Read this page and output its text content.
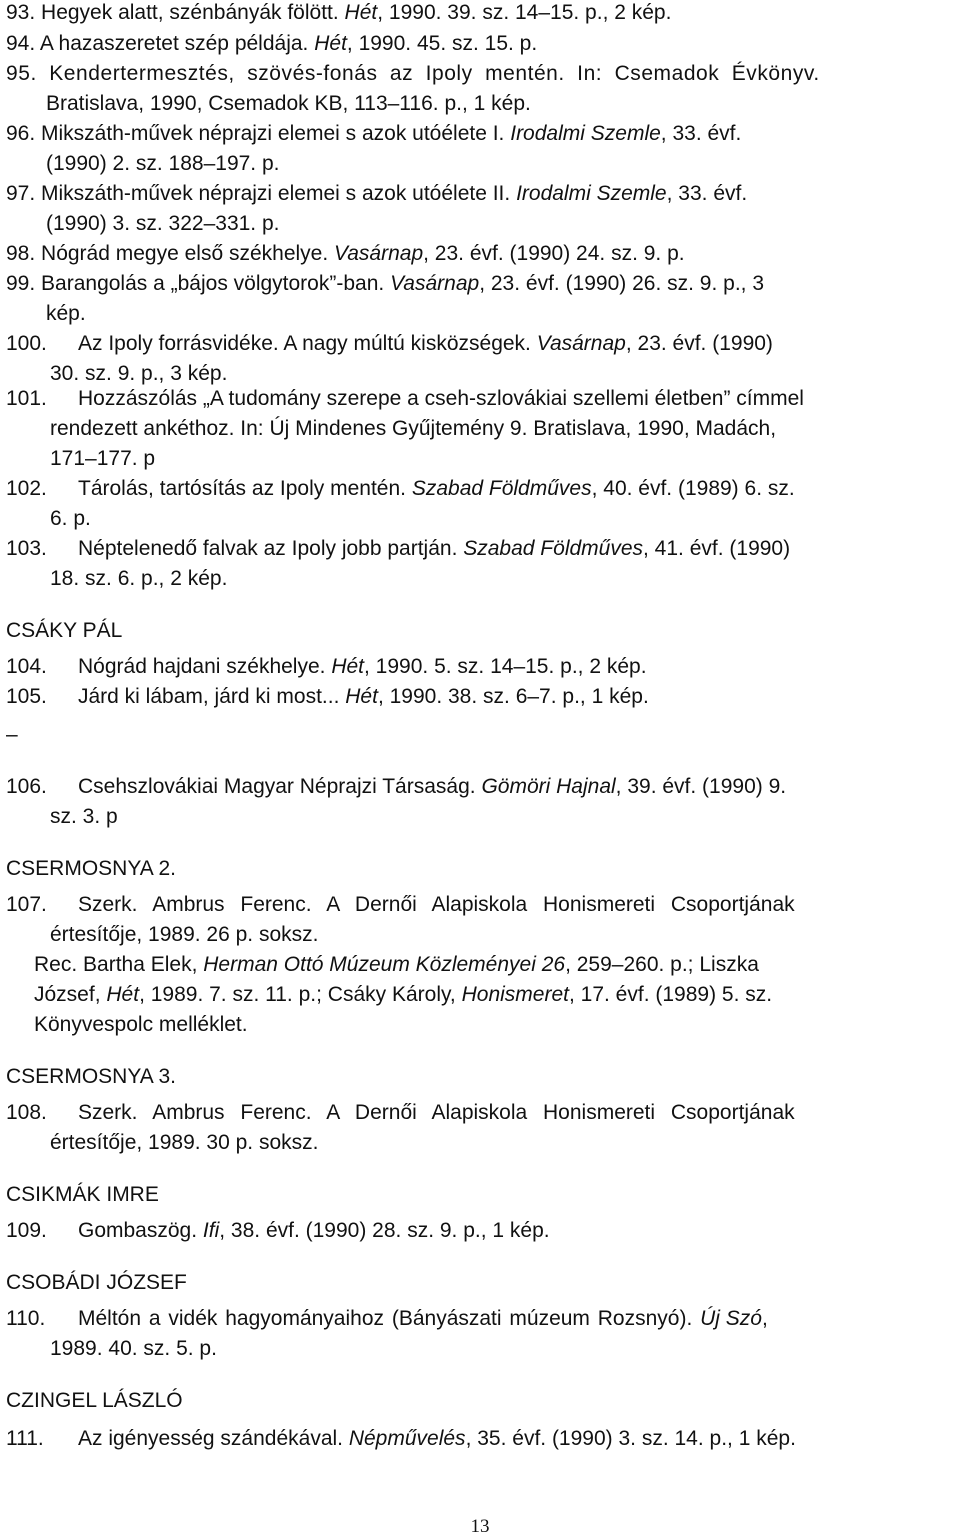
93. Hegyek alatt, szénbányák fölött. Hét, 1990. 39. sz. 14–15. p., 2 kép.
94. A hazaszeretet szép példája. Hét, 1990. 45. sz. 15. p.
95. Kendertermesztés, szövés-fonás az Ipoly mentén. In: Csemadok Évkönyv.
Bratislava, 1990, Csemadok KB, 113–116. p., 1 kép.
96. Mikszáth-művek néprajzi elemei s azok utóélete I. Irodalmi Szemle, 33. évf.
(1990) 2. sz. 188–197. p.
97. Mikszáth-művek néprajzi elemei s azok utóélete II. Irodalmi Szemle, 33. évf.
(1990) 3. sz. 322–331. p.
98. Nógrád megye első székhelye. Vasárnap, 23. évf. (1990) 24. sz. 9. p.
99. Barangolás a „bájos völgytorok”-ban. Vasárnap, 23. évf. (1990) 26. sz. 9. p., 3
kép.
100. Az Ipoly forrásvidéke. A nagy múltú kisközségek. Vasárnap, 23. évf. (1990)
30. sz. 9. p., 3 kép.
101. Hozzászólás „A tudomány szerepe a cseh-szlovákiai szellemi életben” címmel
rendezett ankéthoz. In: Új Mindenes Gyűjtemény 9. Bratislava, 1990, Madách,
171–177. p
102. Tárolás, tartósítás az Ipoly mentén. Szabad Földműves, 40. évf. (1989) 6. sz.
6. p.
103. Néptelenedő falvak az Ipoly jobb partján. Szabad Földműves, 41. évf. (1990)
18. sz. 6. p., 2 kép.
CSÁKY PÁL
104. Nógrád hajdani székhelye. Hét, 1990. 5. sz. 14–15. p., 2 kép.
105. Járd ki lábam, járd ki most... Hét, 1990. 38. sz. 6–7. p., 1 kép.
–
106. Csehszlovákiai Magyar Néprajzi Társaság. Gömöri Hajnal, 39. évf. (1990) 9.
sz. 3. p
CSERMOSNYA 2.
107.	Szerk. Ambrus Ferenc. A Dernői Alapiskola Honismereti Csoportjának
értesítője, 1989. 26 p. soksz.
Rec. Bartha Elek, Herman Ottó Múzeum Közleményei 26, 259–260. p.; Liszka
József, Hét, 1989. 7. sz. 11. p.; Csáky Károly, Honismeret, 17. évf. (1989) 5. sz.
Könyvespolc melléklet.
CSERMOSNYA 3.
108.	Szerk. Ambrus Ferenc. A Dernői Alapiskola Honismereti Csoportjának
értesítője, 1989. 30 p. soksz.
CSIKMÁK IMRE
109. Gombaszög. Ifi, 38. évf. (1990) 28. sz. 9. p., 1 kép.
CSOBÁDI JÓZSEF
110. Méltón a vidék hagyományaihoz (Bányászati múzeum Rozsnyó). Új Szó,
1989. 40. sz. 5. p.
CZINGEL LÁSZLÓ
111. Az igényesség szándékával. Népművelés, 35. évf. (1990) 3. sz. 14. p., 1 kép.
13
